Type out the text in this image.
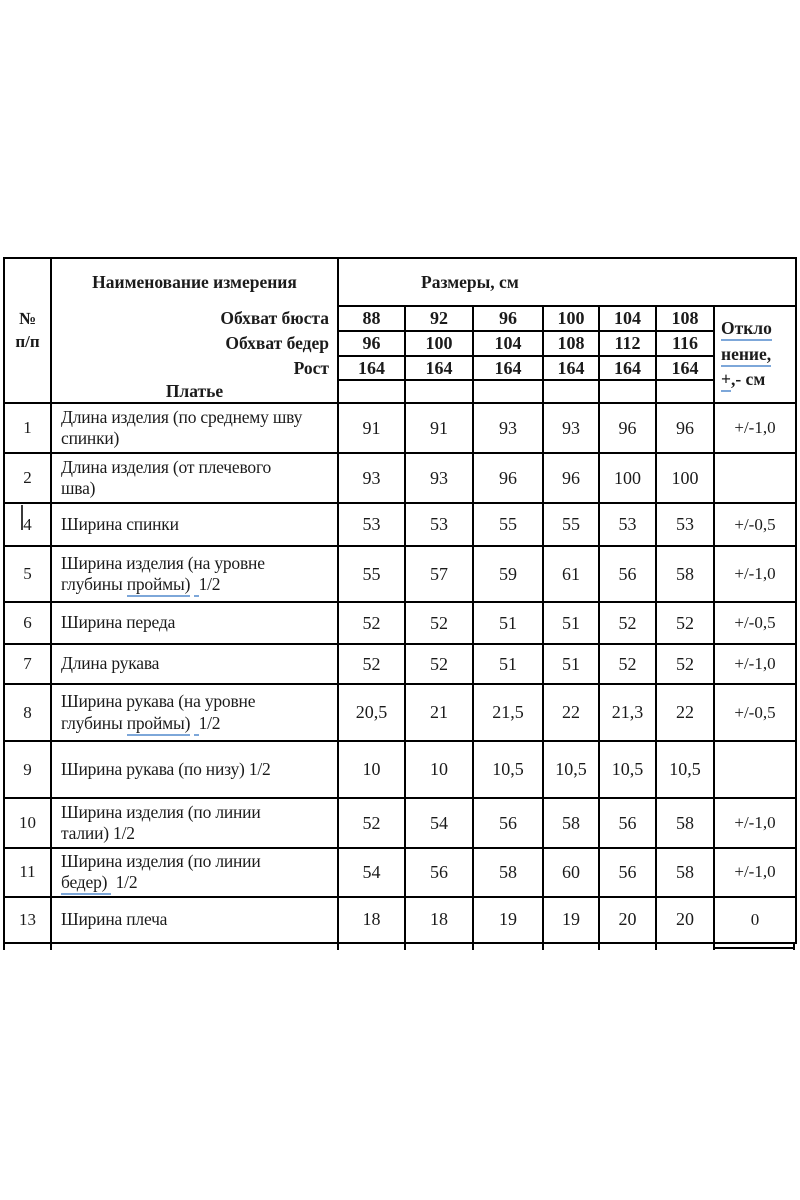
№
п/п	Наименование измерения	Размеры, см						
	Обхват бюста	88	92	96	100	104	108	Откло
нение,
+,- см
	Обхват бедер	96	100	104	108	112	116	
	Рост	164	164	164	164	164	164	
	Платье							
1	Длина изделия (по среднему шву спинки)	91	91	93	93	96	96	+/-1,0
2	Длина изделия (от плечевого шва)	93	93	96	96	100	100	

4	Ширина спинки	53	53	55	55	53	53	+/-0,5
5	Ширина изделия (на уровне глубины проймы) 1/2	55	57	59	61	56	58	+/-1,0
6	Ширина переда	52	52	51	51	52	52	+/-0,5
7	Длина рукава	52	52	51	51	52	52	+/-1,0
8	Ширина рукава (на уровне глубины проймы) 1/2	20,5	21	21,5	22	21,3	22	+/-0,5
9	Ширина рукава (по низу) 1/2	10	10	10,5	10,5	10,5	10,5	
10	Ширина изделия (по линии талии) 1/2	52	54	56	58	56	58	+/-1,0
11	Ширина изделия (по линии бедер)  1/2	54	56	58	60	56	58	+/-1,0
13	Ширина плеча	18	18	19	19	20	20	0
